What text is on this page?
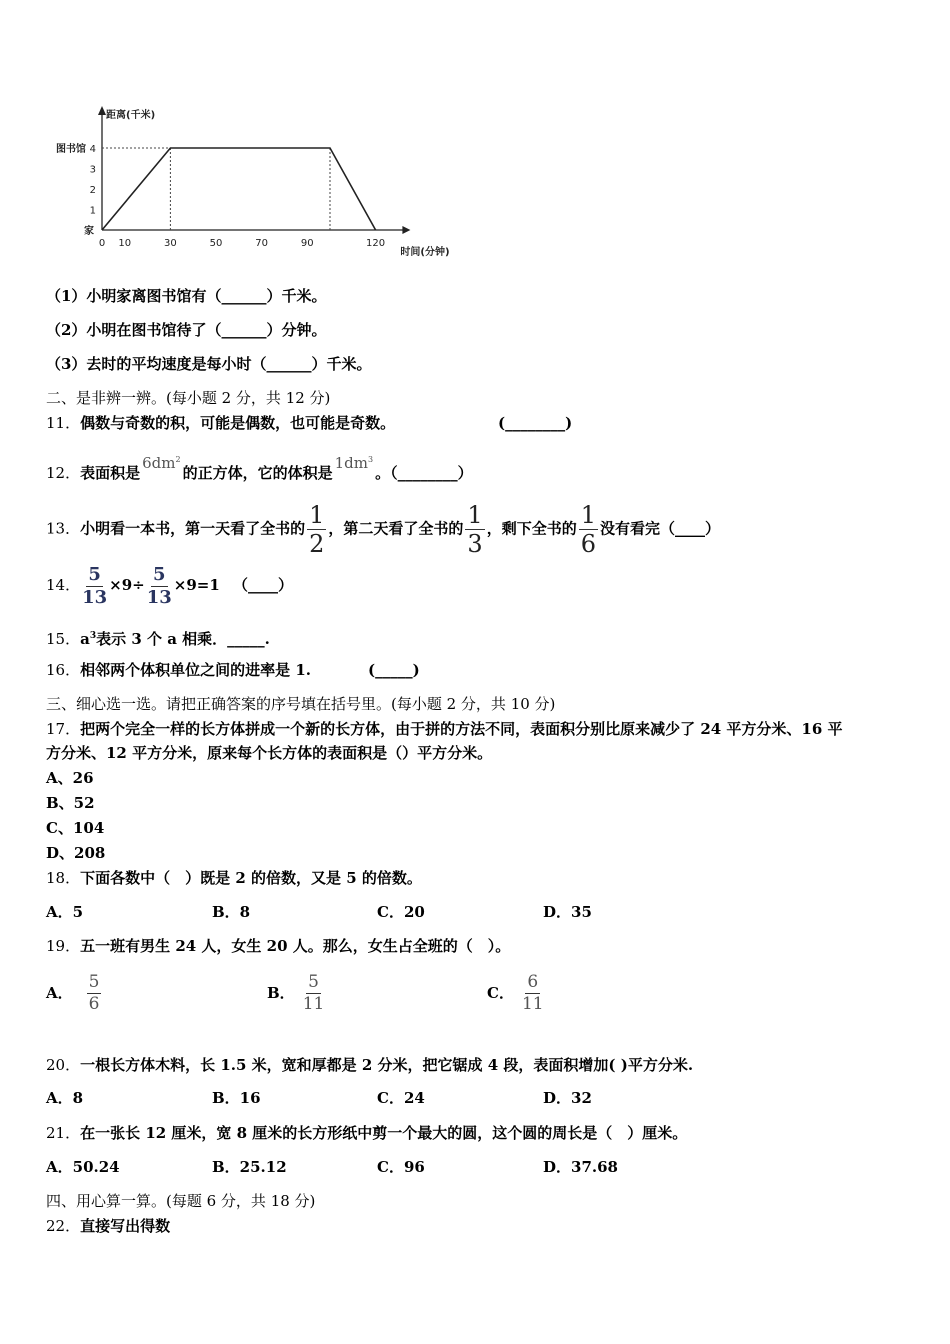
距离(千米)
时间(分钟)
0 10	30	50	70	90	120
1
2
3
4
图书馆
家
（1）小明家离图书馆有（______）千米。
（2）小明在图书馆待了（______）分钟。
（3）去时的平均速度是每小时（______）千米。
二、是非辨一辨。(每小题 2 分，共 12 分)
11．偶数与奇数的积，可能是偶数，也可能是奇数。	(________)
12．表面积是$6dm^2$的正方体，它的体积是$1dm^3$。（________）
13．小明看一本书，第一天看了全书的 $\frac{1}{2}$ ，第二天看了全书的 $\frac{1}{3}$ ，剩下全书的 $\frac{1}{6}$ 没有看完（____）
14． $\frac{5}{13} \times 9\div \frac{5}{13} \times 9=1$ （____）
15．$a^3$表示 3 个 a 相乘．_____.
16．相邻两个体积单位之间的进率是 1.	(_____)
三、细心选一选。请把正确答案的序号填在括号里。(每小题 2 分，共 10 分)
17．把两个完全一样的长方体拼成一个新的长方体，由于拼的方法不同，表面积分别比原来减少了 24 平方分米、16 平
方分米、12 平方分米，原来每个长方体的表面积是（）平方分米。
A、26
B、52
C、104
D、208
18．下面各数中（　）既是 2 的倍数，又是 5 的倍数。
A．5	B．8	C．20	D．35
19．五一班有男生 24 人，女生 20 人。那么，女生占全班的（　）。
A． $\frac{5}{6}$	B． $\frac{5}{11}$	C． $\frac{6}{11}$
20．一根长方体木料，长 1.5 米，宽和厚都是 2 分米，把它锯成 4 段，表面积增加( )平方分米.
A．8	B．16	C．24	D．32
21．在一张长 12 厘米，宽 8 厘米的长方形纸中剪一个最大的圆，这个圆的周长是（　）厘米。
A．50.24	B．25.12	C．96	D．37.68
四、用心算一算。(每题 6 分，共 18 分)
22．直接写出得数
